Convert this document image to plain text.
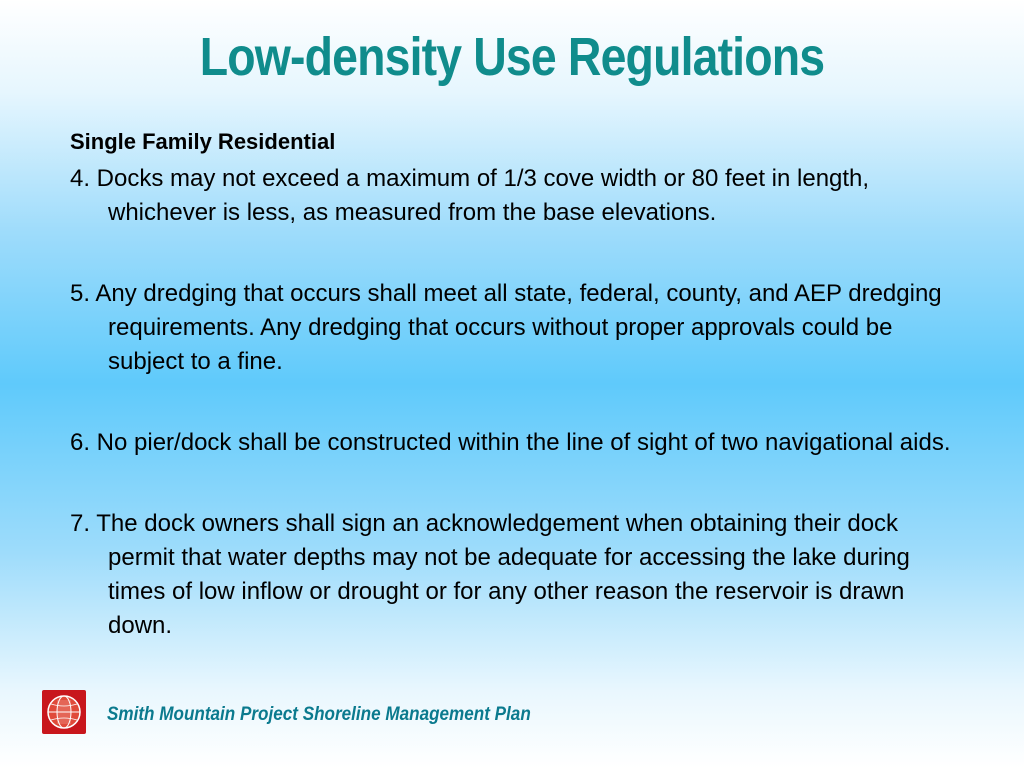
Low-density Use Regulations
Single Family Residential
4. Docks may not exceed a maximum of 1/3 cove width or 80 feet in length, whichever is less, as measured from the base elevations.
5. Any dredging that occurs shall meet all state, federal, county, and AEP dredging requirements. Any dredging that occurs without proper approvals could be subject to a fine.
6. No pier/dock shall be constructed within the line of sight of two navigational aids.
7. The dock owners shall sign an acknowledgement when obtaining their dock permit that water depths may not be adequate for accessing the lake during times of low inflow or drought or for any other reason the reservoir is drawn down.
Smith Mountain Project Shoreline Management Plan
